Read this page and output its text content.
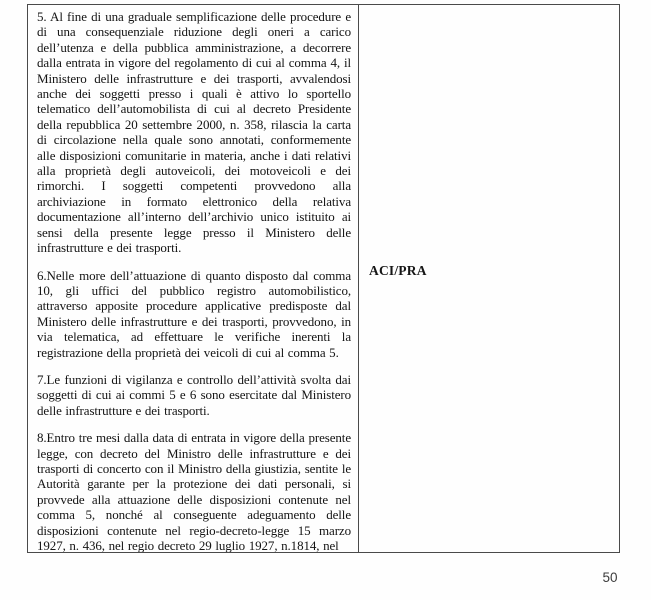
5. Al fine di una graduale semplificazione delle procedure e di una consequenziale riduzione degli oneri a carico dell’utenza e della pubblica amministrazione, a decorrere dalla entrata in vigore del regolamento di cui al comma 4, il Ministero delle infrastrutture e dei trasporti, avvalendosi anche dei soggetti presso i quali è attivo lo sportello telematico dell’automobilista di cui al decreto Presidente della repubblica 20 settembre 2000, n. 358, rilascia la carta di circolazione nella quale sono annotati, conformemente alle disposizioni comunitarie in materia, anche i dati relativi alla proprietà degli autoveicoli, dei motoveicoli e dei rimorchi. I soggetti competenti provvedono alla archiviazione in formato elettronico della relativa documentazione all’interno dell’archivio unico istituito ai sensi della presente legge presso il Ministero delle infrastrutture e dei trasporti.

6.Nelle more dell’attuazione di quanto disposto dal comma 10, gli uffici del pubblico registro automobilistico, attraverso apposite procedure applicative predisposte dal Ministero delle infrastrutture e dei trasporti, provvedono, in via telematica, ad effettuare le verifiche inerenti la registrazione della proprietà dei veicoli di cui al comma 5.

7.Le funzioni di vigilanza e controllo dell’attività svolta dai soggetti di cui ai commi 5 e 6 sono esercitate dal Ministero delle infrastrutture e dei trasporti.

8.Entro tre mesi dalla data di entrata in vigore della presente legge, con decreto del Ministro delle infrastrutture e dei trasporti di concerto con il Ministro della giustizia, sentite le Autorità garante per la protezione dei dati personali, si provvede alla attuazione delle disposizioni contenute nel comma 5, nonché al conseguente adeguamento delle disposizioni contenute nel regio-decreto-legge 15 marzo 1927, n. 436, nel regio decreto 29 luglio 1927, n.1814, nel

ACI/PRA
50
